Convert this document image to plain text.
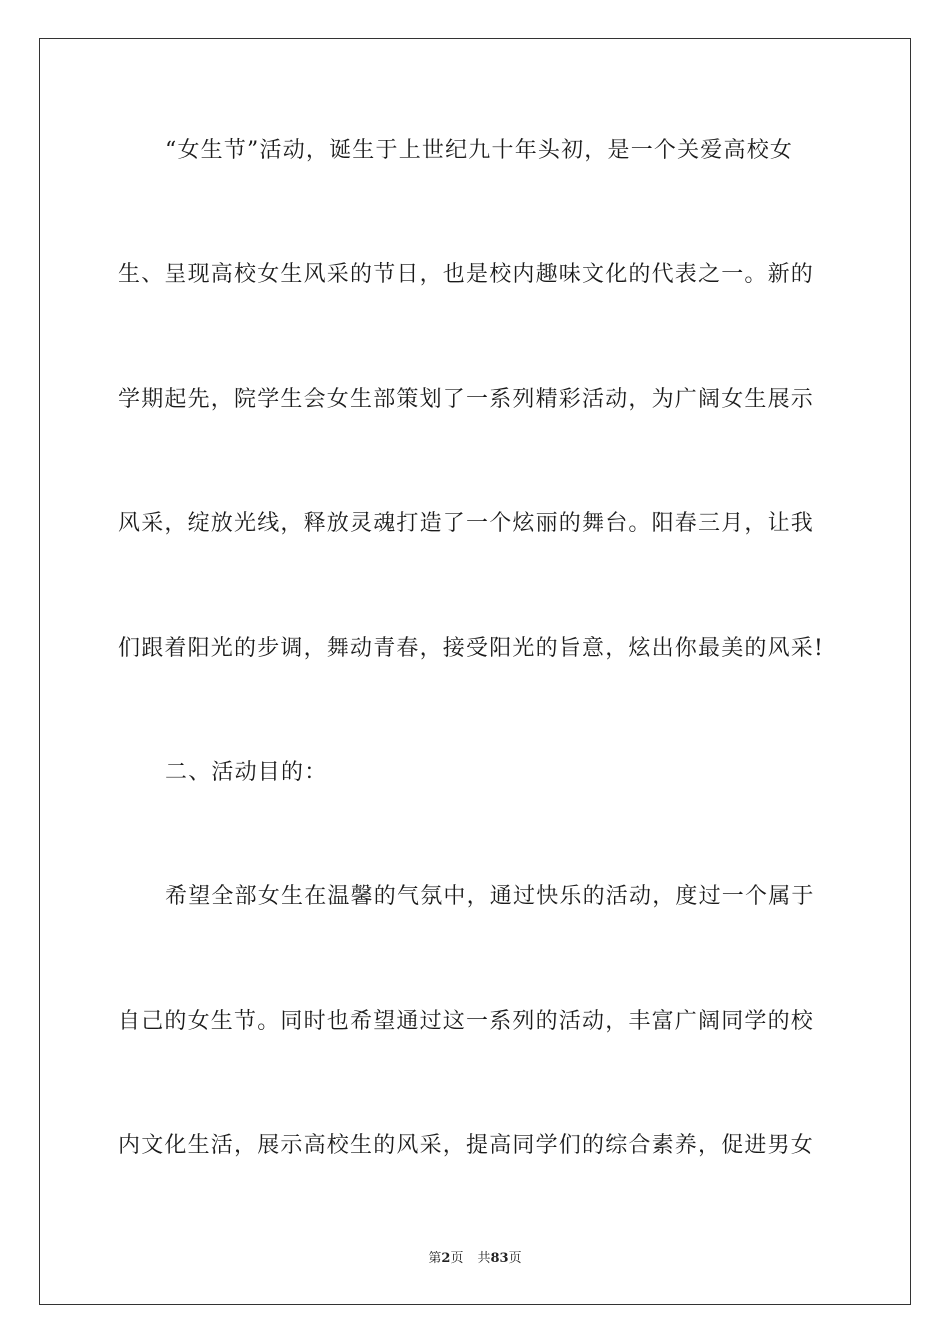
“女生节”活动，诞生于上世纪九十年头初，是一个关爱高校女
生、呈现高校女生风采的节日，也是校内趣味文化的代表之一。新的
学期起先，院学生会女生部策划了一系列精彩活动，为广阔女生展示
风采，绽放光线，释放灵魂打造了一个炫丽的舞台。阳春三月，让我
们跟着阳光的步调，舞动青春，接受阳光的旨意，炫出你最美的风采!
二、活动目的：
希望全部女生在温馨的气氛中，通过快乐的活动，度过一个属于
自己的女生节。同时也希望通过这一系列的活动，丰富广阔同学的校
内文化生活，展示高校生的风采，提高同学们的综合素养，促进男女
第2页 共83页
